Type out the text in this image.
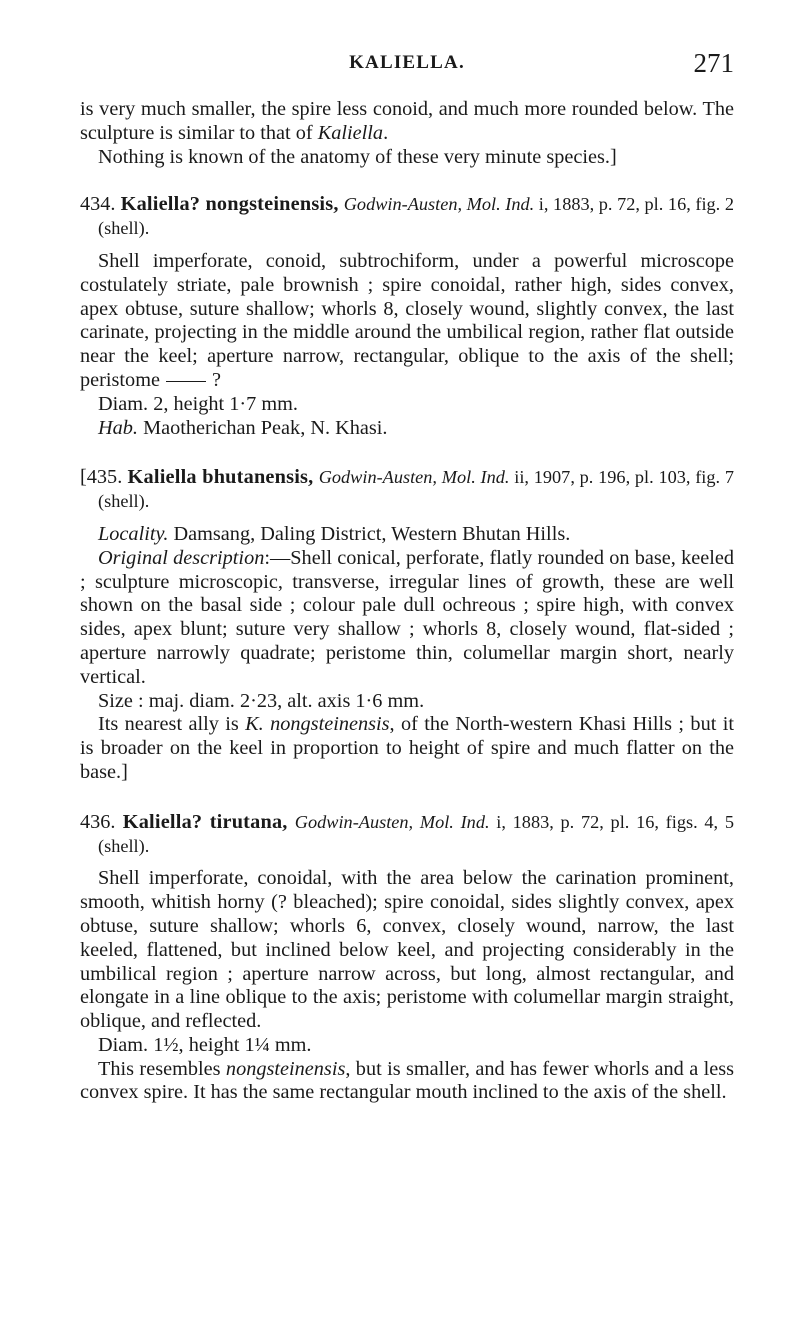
KALIELLA.	271

is very much smaller, the spire less conoid, and much more rounded below. The sculpture is similar to that of Kaliella.

Nothing is known of the anatomy of these very minute species.]

434. Kaliella? nongsteinensis, Godwin-Austen, Mol. Ind. i, 1883, p. 72, pl. 16, fig. 2 (shell).

Shell imperforate, conoid, subtrochiform, under a powerful microscope costulately striate, pale brownish ; spire conoidal, rather high, sides convex, apex obtuse, suture shallow; whorls 8, closely wound, slightly convex, the last carinate, projecting in the middle around the umbilical region, rather flat outside near the keel; aperture narrow, rectangular, oblique to the axis of the shell; peristome	?

Diam. 2, height 1·7 mm.

Hab. Maotherichan Peak, N. Khasi.

[435. Kaliella bhutanensis, Godwin-Austen, Mol. Ind. ii, 1907, p. 196, pl. 103, fig. 7 (shell).

Locality. Damsang, Daling District, Western Bhutan Hills.

Original description:—Shell conical, perforate, flatly rounded on base, keeled ; sculpture microscopic, transverse, irregular lines of growth, these are well shown on the basal side ; colour pale dull ochreous ; spire high, with convex sides, apex blunt; suture very shallow ; whorls 8, closely wound, flat-sided ; aperture narrowly quadrate; peristome thin, columellar margin short, nearly vertical.

Size : maj. diam. 2·23, alt. axis 1·6 mm.

Its nearest ally is K. nongsteinensis, of the North-western Khasi Hills ; but it is broader on the keel in proportion to height of spire and much flatter on the base.]

436. Kaliella? tirutana, Godwin-Austen, Mol. Ind. i, 1883, p. 72, pl. 16, figs. 4, 5 (shell).

Shell imperforate, conoidal, with the area below the carination prominent, smooth, whitish horny (? bleached); spire conoidal, sides slightly convex, apex obtuse, suture shallow; whorls 6, convex, closely wound, narrow, the last keeled, flattened, but inclined below keel, and projecting considerably in the umbilical region ; aperture narrow across, but long, almost rectangular, and elongate in a line oblique to the axis; peristome with columellar margin straight, oblique, and reflected.

Diam. 1½, height 1¼ mm.

This resembles nongsteinensis, but is smaller, and has fewer whorls and a less convex spire. It has the same rectangular mouth inclined to the axis of the shell.
